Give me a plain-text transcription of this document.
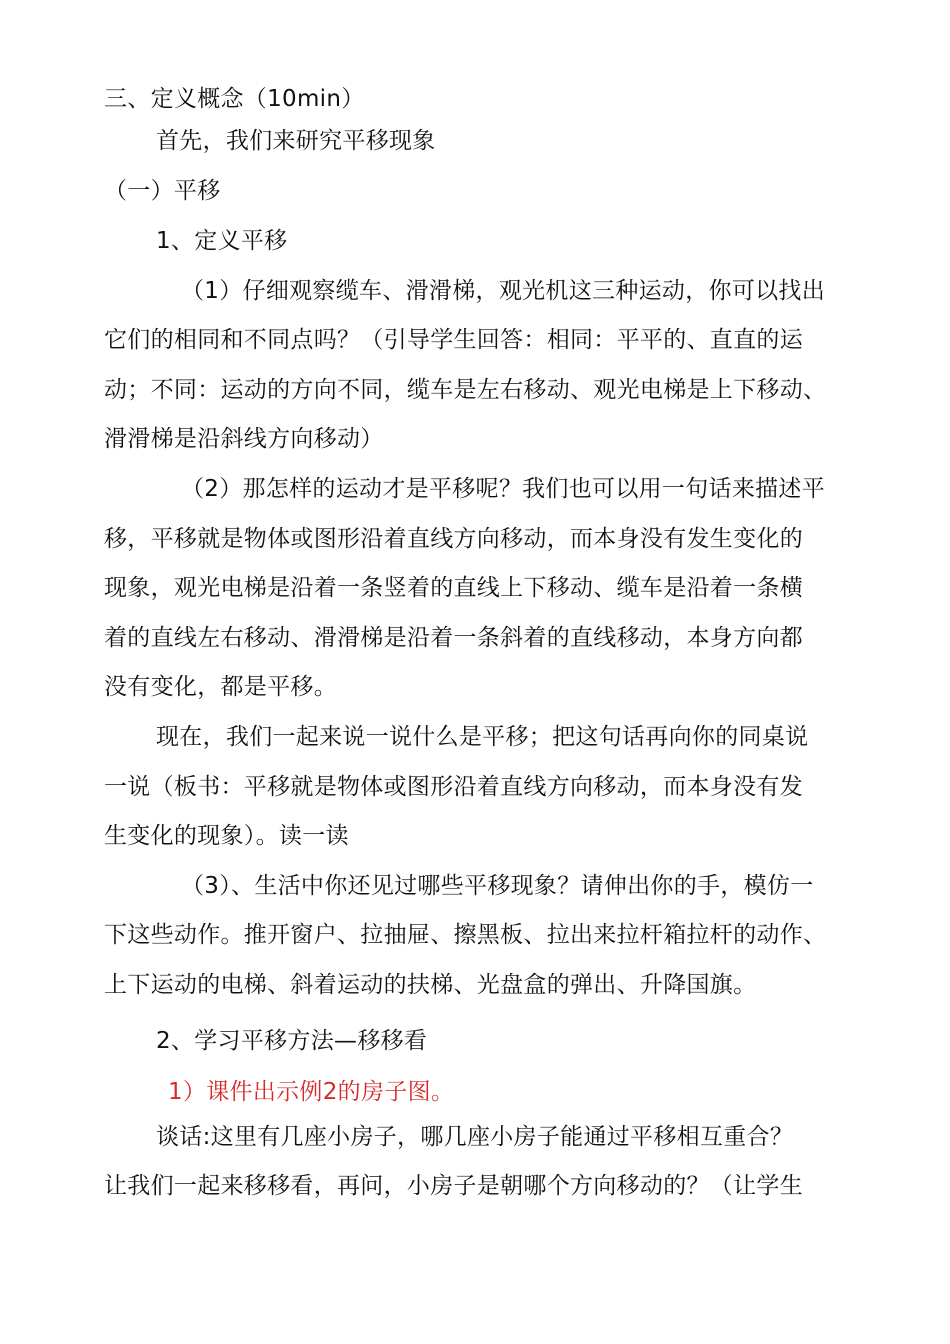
三、定义概念（10min）
首先，我们来研究平移现象
（一）平移
1、定义平移
（1）仔细观察缆车、滑滑梯，观光机这三种运动，你可以找出
它们的相同和不同点吗？（引导学生回答：相同：平平的、直直的运
动；不同：运动的方向不同，缆车是左右移动、观光电梯是上下移动、
滑滑梯是沿斜线方向移动）
（2）那怎样的运动才是平移呢？我们也可以用一句话来描述平
移，平移就是物体或图形沿着直线方向移动，而本身没有发生变化的
现象，观光电梯是沿着一条竖着的直线上下移动、缆车是沿着一条横
着的直线左右移动、滑滑梯是沿着一条斜着的直线移动，本身方向都
没有变化，都是平移。
现在，我们一起来说一说什么是平移；把这句话再向你的同桌说
一说（板书：平移就是物体或图形沿着直线方向移动，而本身没有发
生变化的现象）。读一读
（3）、生活中你还见过哪些平移现象？请伸出你的手，模仿一
下这些动作。推开窗户、拉抽屉、擦黑板、拉出来拉杆箱拉杆的动作、
上下运动的电梯、斜着运动的扶梯、光盘盒的弹出、升降国旗。
2、学习平移方法—移移看
1）课件出示例2的房子图。
谈话:这里有几座小房子，哪几座小房子能通过平移相互重合？
让我们一起来移移看，再问，小房子是朝哪个方向移动的？（让学生
